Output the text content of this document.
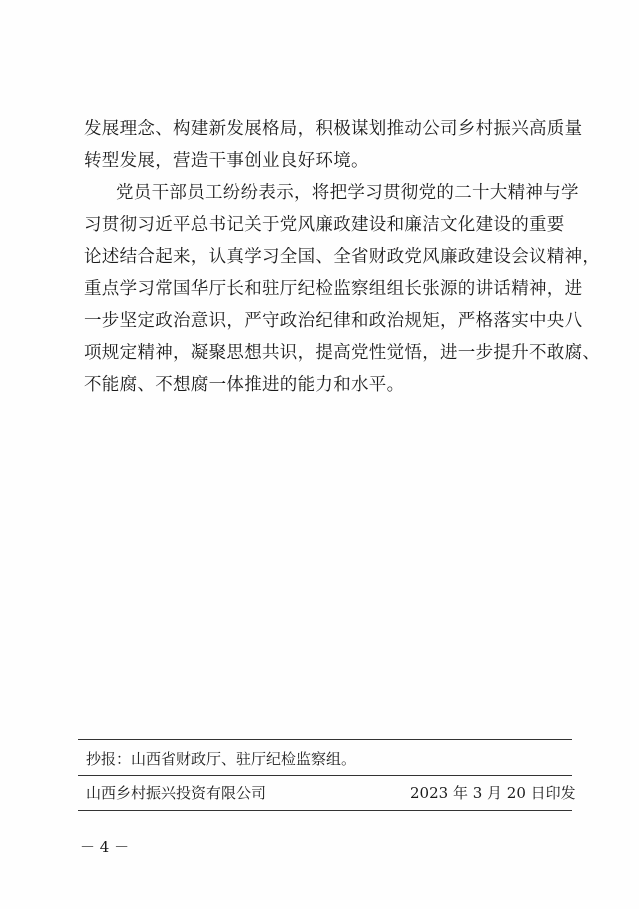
发展理念、构建新发展格局，积极谋划推动公司乡村振兴高质量
转型发展，营造干事创业良好环境。
党员干部员工纷纷表示，将把学习贯彻党的二十大精神与学
习贯彻习近平总书记关于党风廉政建设和廉洁文化建设的重要
论述结合起来，认真学习全国、全省财政党风廉政建设会议精神，
重点学习常国华厅长和驻厅纪检监察组组长张源的讲话精神，进
一步坚定政治意识，严守政治纪律和政治规矩，严格落实中央八
项规定精神，凝聚思想共识，提高党性觉悟，进一步提升不敢腐、
不能腐、不想腐一体推进的能力和水平。
抄报：山西省财政厅、驻厅纪检监察组。
山西乡村振兴投资有限公司	2023 年 3 月 20 日印发
－ 4 －
